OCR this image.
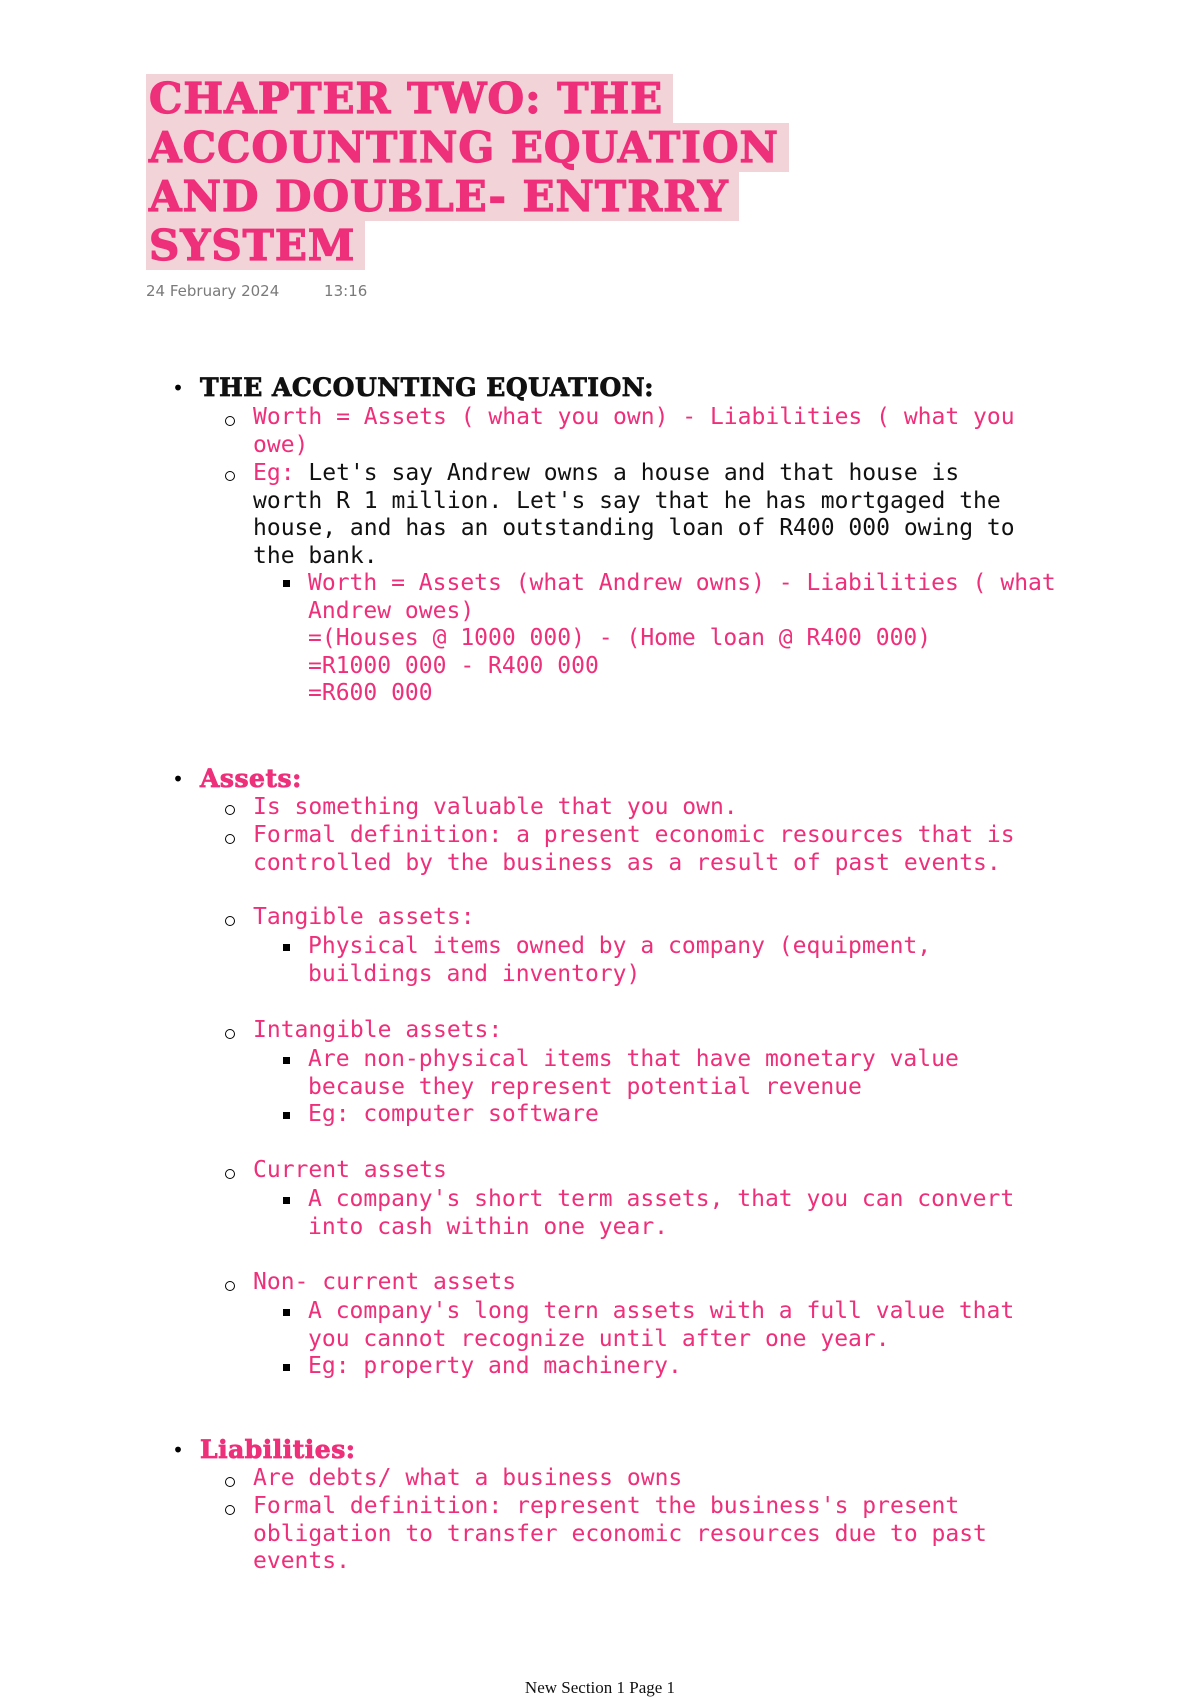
CHAPTER TWO: THE
ACCOUNTING EQUATION
AND DOUBLE- ENTRRY
SYSTEM
24 February 2024	13:16
• THE ACCOUNTING EQUATION:
Worth = Assets ( what you own) - Liabilities ( what you owe)
Eg: Let's say Andrew owns a house and that house is worth R 1 million. Let's say that he has mortgaged the house, and has an outstanding loan of R400 000 owing to the bank.
Worth = Assets (what Andrew owns) - Liabilities ( what Andrew owes)
=(Houses @ 1000 000) - (Home loan @ R400 000)
=R1000 000 - R400 000
=R600 000
• Assets:
Is something valuable that you own.
Formal definition: a present economic resources that is controlled by the business as a result of past events.
Tangible assets:
Physical items owned by a company (equipment, buildings and inventory)
Intangible assets:
Are non-physical items that have monetary value because they represent potential revenue
Eg: computer software
Current assets
A company's short term assets, that you can convert into cash within one year.
Non- current assets
A company's long tern assets with a full value that you cannot recognize until after one year.
Eg: property and machinery.
• Liabilities:
Are debts/ what a business owns
Formal definition: represent the business's present obligation to transfer economic resources due to past events.
New Section 1 Page 1
